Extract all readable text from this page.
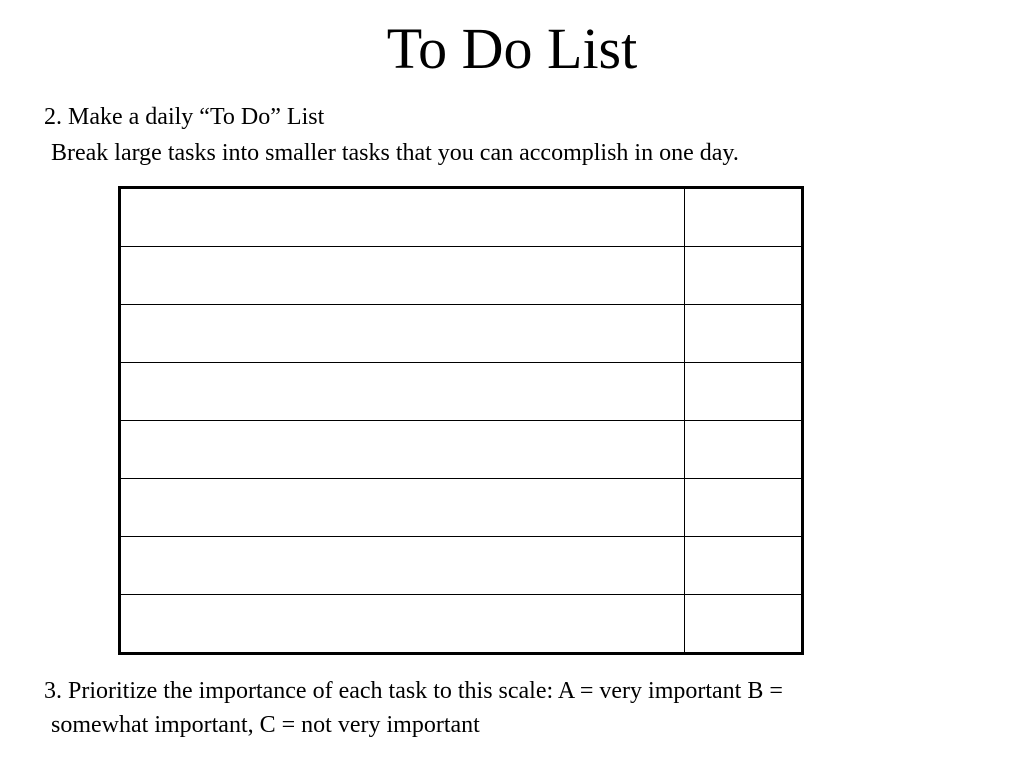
To Do List
2. Make a daily “To Do” List
Break large tasks into smaller tasks that you can accomplish in one day.

3. Prioritize the importance of each task to this scale: A = very important B =
somewhat important, C = not very important
